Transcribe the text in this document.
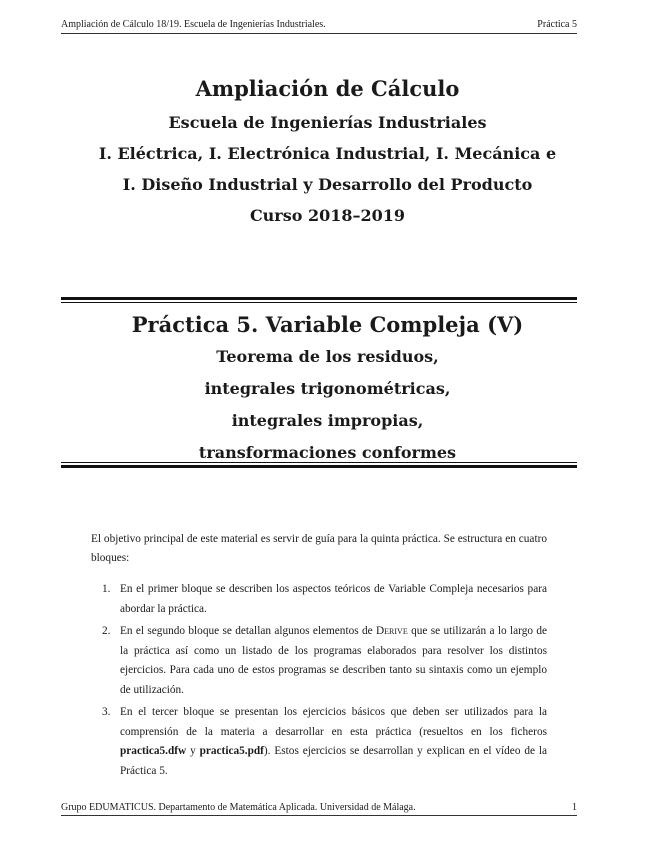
Ampliación de Cálculo 18/19. Escuela de Ingenierías Industriales.	Práctica 5
Ampliación de Cálculo
Escuela de Ingenierías Industriales
I. Eléctrica, I. Electrónica Industrial, I. Mecánica e
I. Diseño Industrial y Desarrollo del Producto
Curso 2018–2019
Práctica 5. Variable Compleja (V)
Teorema de los residuos,
integrales trigonométricas,
integrales impropias,
transformaciones conformes
El objetivo principal de este material es servir de guía para la quinta práctica. Se estructura en cuatro bloques:
1. En el primer bloque se describen los aspectos teóricos de Variable Compleja necesarios para abordar la práctica.
2. En el segundo bloque se detallan algunos elementos de Derive que se utilizarán a lo largo de la práctica así como un listado de los programas elaborados para resolver los distintos ejercicios. Para cada uno de estos programas se describen tanto su sintaxis como un ejemplo de utilización.
3. En el tercer bloque se presentan los ejercicios básicos que deben ser utilizados para la comprensión de la materia a desarrollar en esta práctica (resueltos en los ficheros practica5.dfw y practica5.pdf). Estos ejercicios se desarrollan y explican en el vídeo de la Práctica 5.
Grupo EDUMATICUS. Departamento de Matemática Aplicada. Universidad de Málaga.	1
